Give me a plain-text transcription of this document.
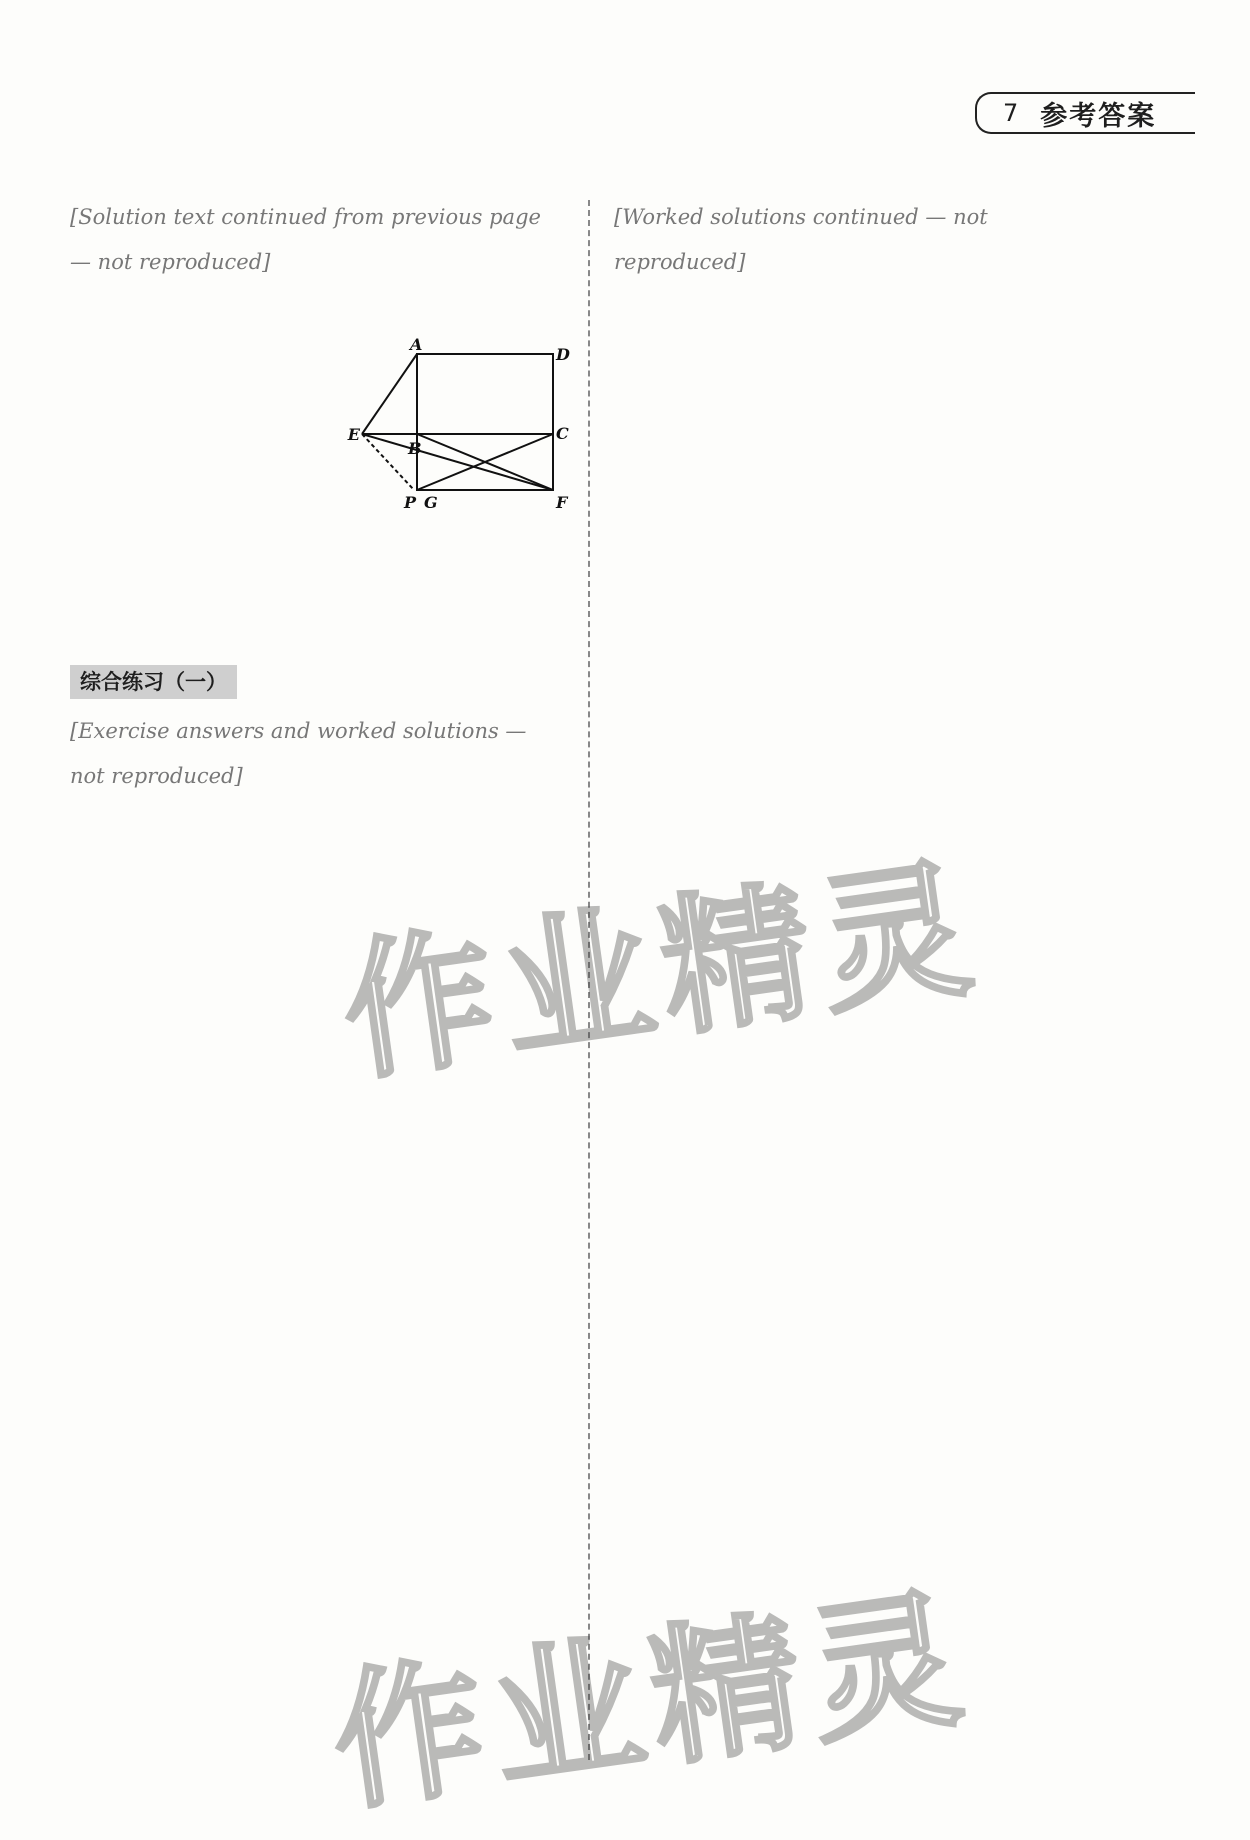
7 参考答案

[Solution text continued from previous page — not reproduced]

综合练习（一）

[Exercise answers and worked solutions — not reproduced]

[Worked solutions continued — not reproduced]

A
D
E
B
C
P G	F
作业精灵
作业精灵
